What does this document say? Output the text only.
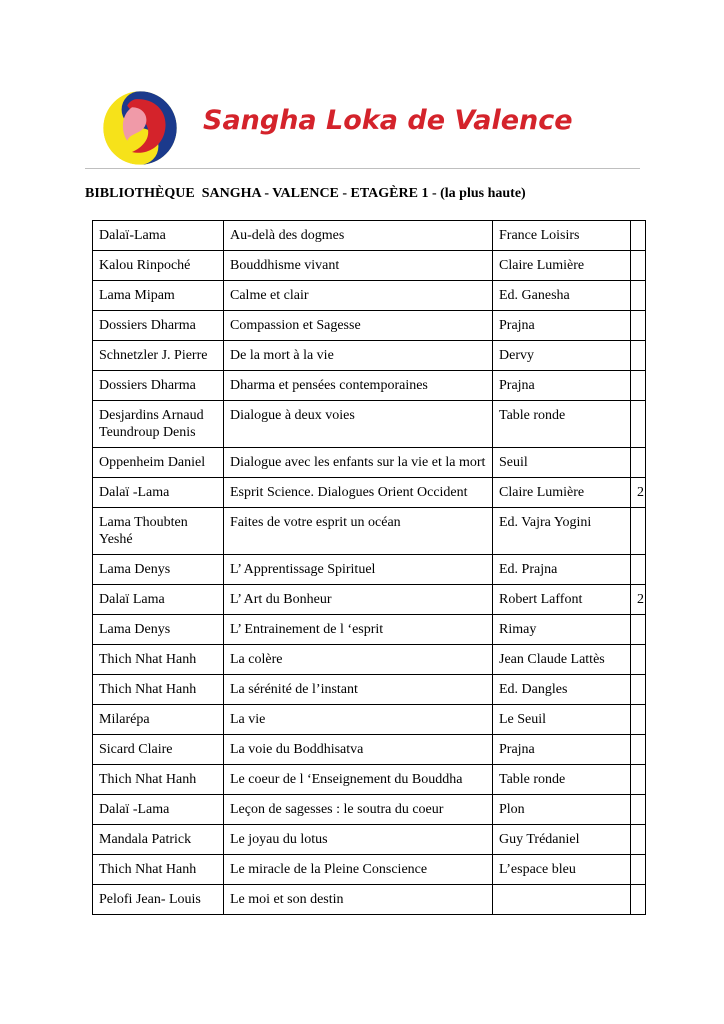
Sangha Loka de Valence
BIBLIOTHÈQUE  SANGHA - VALENCE - ETAGÈRE 1 - (la plus haute)
Dalaï-Lama	Au-delà des dogmes	France Loisirs	
Kalou Rinpoché	Bouddhisme vivant	Claire Lumière	
Lama Mipam	Calme et clair	Ed. Ganesha	
Dossiers Dharma	Compassion et Sagesse	Prajna	
Schnetzler J. Pierre	De la mort à la vie	Dervy	
Dossiers Dharma	Dharma et pensées contemporaines	Prajna	
Desjardins Arnaud Teundroup Denis	Dialogue à deux voies	Table ronde	
Oppenheim Daniel	Dialogue avec les enfants sur la vie et la mort	Seuil	
Dalaï -Lama	Esprit Science. Dialogues Orient Occident	Claire Lumière	2
Lama Thoubten Yeshé	Faites de votre esprit un océan	Ed. Vajra Yogini	
Lama Denys	L’ Apprentissage Spirituel	Ed. Prajna	
Dalaï Lama	L’ Art du Bonheur	Robert Laffont	2
Lama Denys	L’ Entrainement de l ‘esprit	Rimay	
Thich Nhat Hanh	La colère	Jean Claude Lattès	
Thich Nhat Hanh	La sérénité de l’instant	Ed. Dangles	
Milarépa	La vie	Le Seuil	
Sicard Claire	La voie du Boddhisatva	Prajna	
Thich Nhat Hanh	Le coeur de l ‘Enseignement du Bouddha	Table ronde	
Dalaï -Lama	Leçon de sagesses : le soutra du coeur	Plon	
Mandala Patrick	Le joyau du lotus	Guy Trédaniel	
Thich Nhat Hanh	Le miracle de la Pleine Conscience	L’espace bleu	
Pelofi Jean- Louis	Le moi et son destin		
